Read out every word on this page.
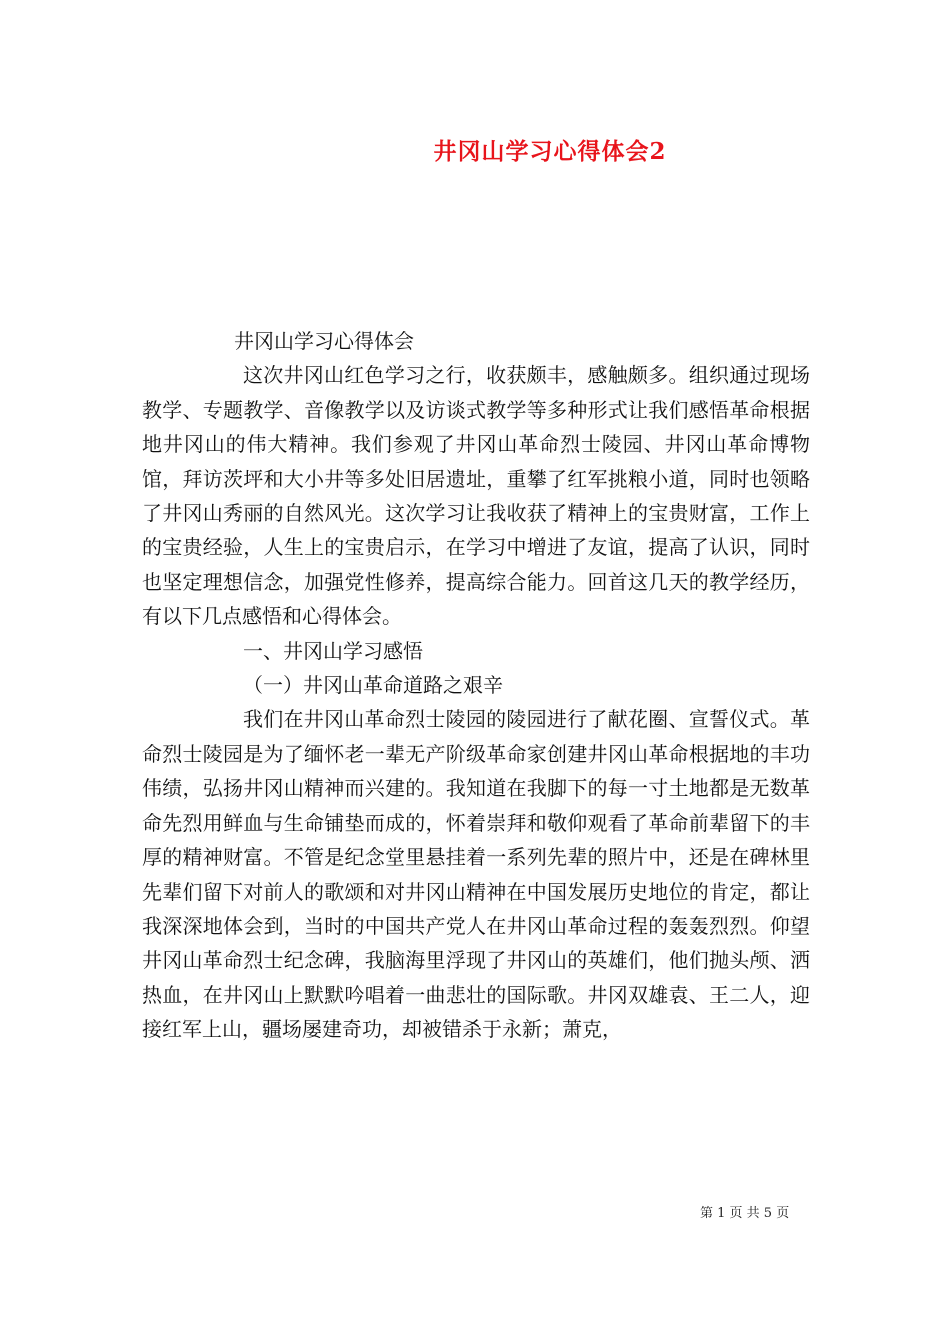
井冈山学习心得体会2

井冈山学习心得体会

这次井冈山红色学习之行，收获颇丰，感触颇多。组织通过现场教学、专题教学、音像教学以及访谈式教学等多种形式让我们感悟革命根据地井冈山的伟大精神。我们参观了井冈山革命烈士陵园、井冈山革命博物馆，拜访茨坪和大小井等多处旧居遗址，重攀了红军挑粮小道，同时也领略了井冈山秀丽的自然风光。这次学习让我收获了精神上的宝贵财富，工作上的宝贵经验，人生上的宝贵启示，在学习中增进了友谊，提高了认识，同时也坚定理想信念，加强党性修养，提高综合能力。回首这几天的教学经历，有以下几点感悟和心得体会。

一、井冈山学习感悟

（一）井冈山革命道路之艰辛

我们在井冈山革命烈士陵园的陵园进行了献花圈、宣誓仪式。革命烈士陵园是为了缅怀老一辈无产阶级革命家创建井冈山革命根据地的丰功伟绩，弘扬井冈山精神而兴建的。我知道在我脚下的每一寸土地都是无数革命先烈用鲜血与生命铺垫而成的，怀着崇拜和敬仰观看了革命前辈留下的丰厚的精神财富。不管是纪念堂里悬挂着一系列先辈的照片中，还是在碑林里先辈们留下对前人的歌颂和对井冈山精神在中国发展历史地位的肯定，都让我深深地体会到，当时的中国共产党人在井冈山革命过程的轰轰烈烈。仰望井冈山革命烈士纪念碑，我脑海里浮现了井冈山的英雄们，他们抛头颅、洒热血，在井冈山上默默吟唱着一曲悲壮的国际歌。井冈双雄袁、王二人，迎接红军上山，疆场屡建奇功，却被错杀于永新；萧克，

第 1 页 共 5 页
